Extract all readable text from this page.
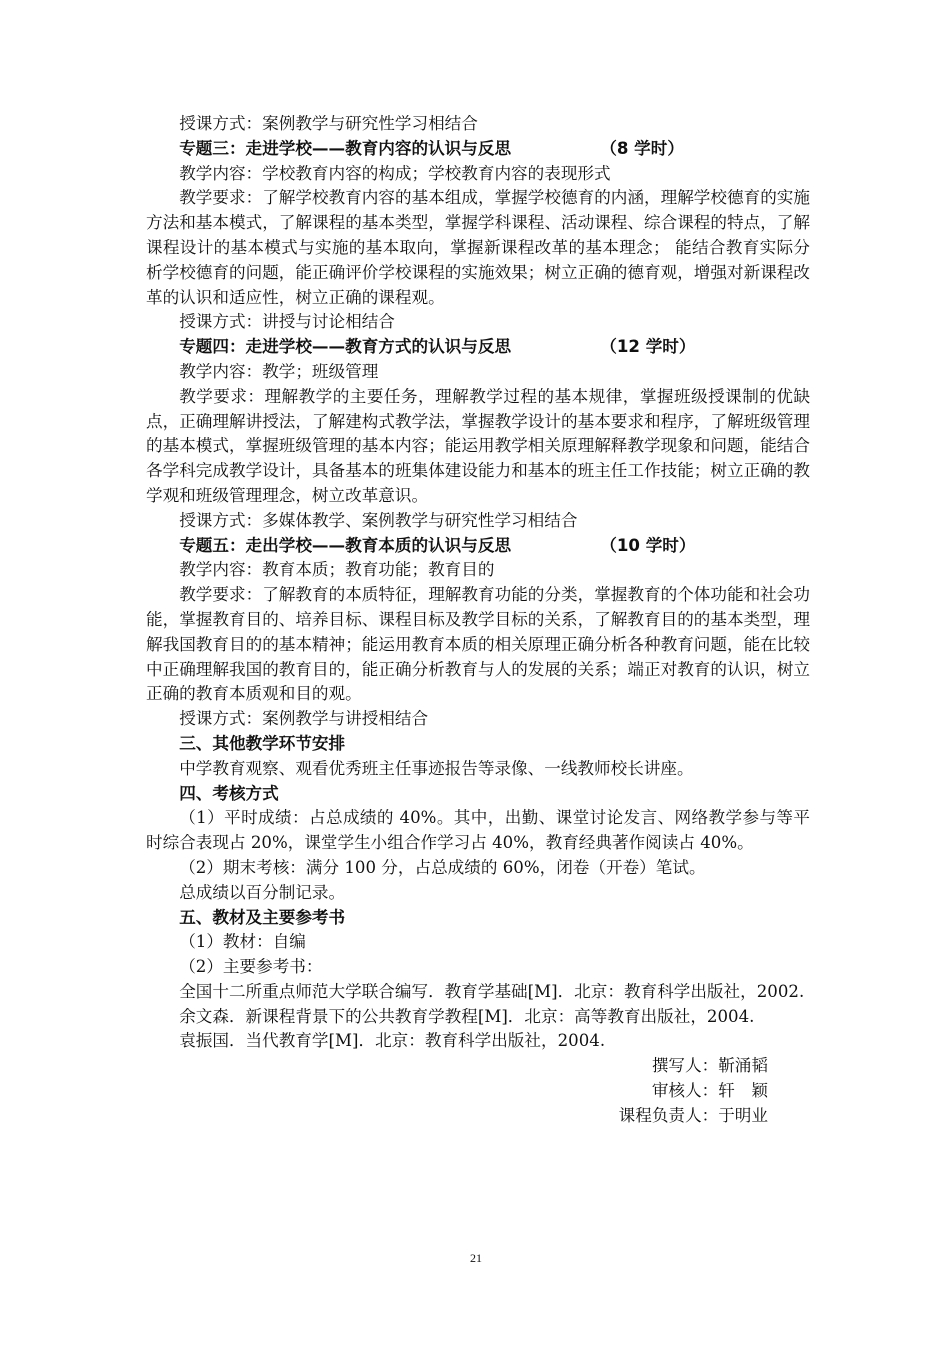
授课方式：案例教学与研究性学习相结合

专题三：走进学校——教育内容的认识与反思	（8 学时）

教学内容：学校教育内容的构成；学校教育内容的表现形式

教学要求：了解学校教育内容的基本组成，掌握学校德育的内涵，理解学校德育的实施方法和基本模式，了解课程的基本类型，掌握学科课程、活动课程、综合课程的特点，了解课程设计的基本模式与实施的基本取向，掌握新课程改革的基本理念； 能结合教育实际分析学校德育的问题，能正确评价学校课程的实施效果；树立正确的德育观，增强对新课程改革的认识和适应性，树立正确的课程观。

授课方式：讲授与讨论相结合

专题四：走进学校——教育方式的认识与反思	（12 学时）

教学内容：教学；班级管理

教学要求：理解教学的主要任务，理解教学过程的基本规律，掌握班级授课制的优缺点，正确理解讲授法，了解建构式教学法，掌握教学设计的基本要求和程序，了解班级管理的基本模式，掌握班级管理的基本内容；能运用教学相关原理解释教学现象和问题，能结合各学科完成教学设计，具备基本的班集体建设能力和基本的班主任工作技能；树立正确的教学观和班级管理理念，树立改革意识。

授课方式：多媒体教学、案例教学与研究性学习相结合

专题五：走出学校——教育本质的认识与反思	（10 学时）

教学内容：教育本质；教育功能；教育目的

教学要求：了解教育的本质特征，理解教育功能的分类，掌握教育的个体功能和社会功能，掌握教育目的、培养目标、课程目标及教学目标的关系，了解教育目的的基本类型，理解我国教育目的的基本精神；能运用教育本质的相关原理正确分析各种教育问题，能在比较中正确理解我国的教育目的，能正确分析教育与人的发展的关系；端正对教育的认识，树立正确的教育本质观和目的观。

授课方式：案例教学与讲授相结合

三、其他教学环节安排

中学教育观察、观看优秀班主任事迹报告等录像、一线教师校长讲座。

四、考核方式

（1）平时成绩：占总成绩的 40%。其中，出勤、课堂讨论发言、网络教学参与等平时综合表现占 20%，课堂学生小组合作学习占 40%，教育经典著作阅读占 40%。

（2）期末考核：满分 100 分，占总成绩的 60%，闭卷（开卷）笔试。

总成绩以百分制记录。

五、教材及主要参考书

（1）教材：自编

（2）主要参考书：

全国十二所重点师范大学联合编写．教育学基础[M]．北京：教育科学出版社，2002.

余文森．新课程背景下的公共教育学教程[M]．北京：高等教育出版社，2004.

袁振国．当代教育学[M]．北京：教育科学出版社，2004.

撰写人：靳涌韬

审核人：轩 颖

课程负责人：于明业

21
